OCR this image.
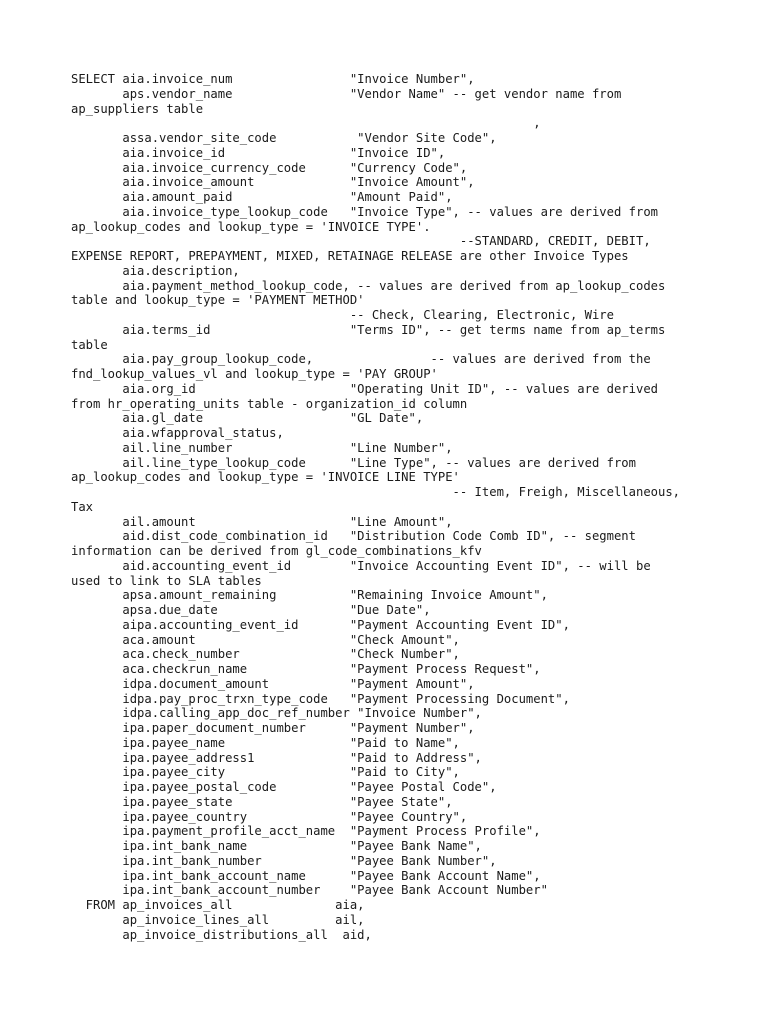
SELECT aia.invoice_num                "Invoice Number",
aps.vendor_name                "Vendor Name" -- get vendor name from
ap_suppliers table
,
assa.vendor_site_code           "Vendor Site Code",
aia.invoice_id                 "Invoice ID",
aia.invoice_currency_code      "Currency Code",
aia.invoice_amount             "Invoice Amount",
aia.amount_paid                "Amount Paid",
aia.invoice_type_lookup_code   "Invoice Type", -- values are derived from
ap_lookup_codes and lookup_type = 'INVOICE TYPE'.
--STANDARD, CREDIT, DEBIT,
EXPENSE REPORT, PREPAYMENT, MIXED, RETAINAGE RELEASE are other Invoice Types
aia.description,
aia.payment_method_lookup_code, -- values are derived from ap_lookup_codes
table and lookup_type = 'PAYMENT METHOD'
-- Check, Clearing, Electronic, Wire
aia.terms_id                   "Terms ID", -- get terms name from ap_terms
table
aia.pay_group_lookup_code,                -- values are derived from the
fnd_lookup_values_vl and lookup_type = 'PAY GROUP'
aia.org_id                     "Operating Unit ID", -- values are derived
from hr_operating_units table - organization_id column
aia.gl_date                    "GL Date",
aia.wfapproval_status,
ail.line_number                "Line Number",
ail.line_type_lookup_code      "Line Type", -- values are derived from
ap_lookup_codes and lookup_type = 'INVOICE LINE TYPE'
-- Item, Freigh, Miscellaneous,
Tax
ail.amount                     "Line Amount",
aid.dist_code_combination_id   "Distribution Code Comb ID", -- segment
information can be derived from gl_code_combinations_kfv
aid.accounting_event_id        "Invoice Accounting Event ID", -- will be
used to link to SLA tables
apsa.amount_remaining          "Remaining Invoice Amount",
apsa.due_date                  "Due Date",
aipa.accounting_event_id       "Payment Accounting Event ID",
aca.amount                     "Check Amount",
aca.check_number               "Check Number",
aca.checkrun_name              "Payment Process Request",
idpa.document_amount           "Payment Amount",
idpa.pay_proc_trxn_type_code   "Payment Processing Document",
idpa.calling_app_doc_ref_number "Invoice Number",
ipa.paper_document_number      "Payment Number",
ipa.payee_name                 "Paid to Name",
ipa.payee_address1             "Paid to Address",
ipa.payee_city                 "Paid to City",
ipa.payee_postal_code          "Payee Postal Code",
ipa.payee_state                "Payee State",
ipa.payee_country              "Payee Country",
ipa.payment_profile_acct_name  "Payment Process Profile",
ipa.int_bank_name              "Payee Bank Name",
ipa.int_bank_number            "Payee Bank Number",
ipa.int_bank_account_name      "Payee Bank Account Name",
ipa.int_bank_account_number    "Payee Bank Account Number"
FROM ap_invoices_all              aia,
ap_invoice_lines_all         ail,
ap_invoice_distributions_all  aid,
